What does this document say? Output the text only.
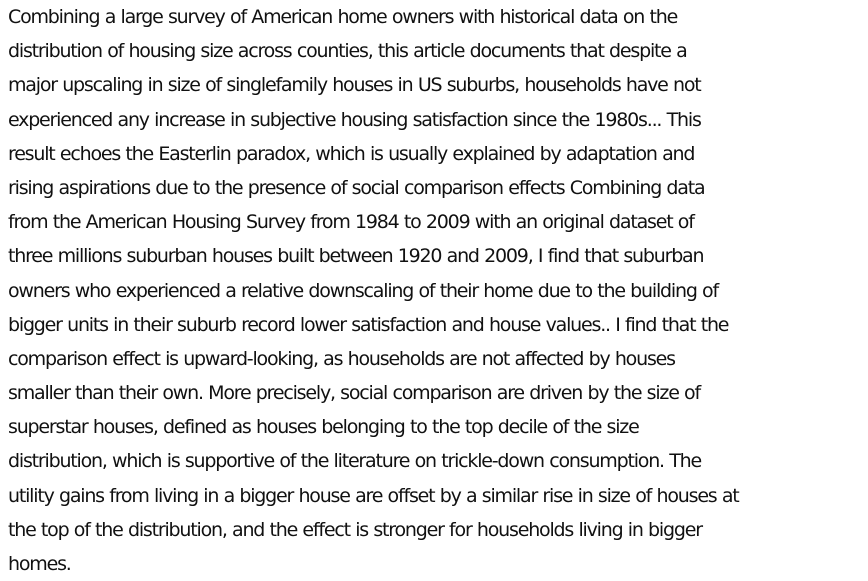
Combining a large survey of American home owners with historical data on the
distribution of housing size across counties, this article documents that despite a
major upscaling in size of singlefamily houses in US suburbs, households have not
experienced any increase in subjective housing satisfaction since the 1980s... This
result echoes the Easterlin paradox, which is usually explained by adaptation and
rising aspirations due to the presence of social comparison effects Combining data
from the American Housing Survey from 1984 to 2009 with an original dataset of
three millions suburban houses built between 1920 and 2009, I find that suburban
owners who experienced a relative downscaling of their home due to the building of
bigger units in their suburb record lower satisfaction and house values.. I find that the
comparison effect is upward-looking, as households are not affected by houses
smaller than their own. More precisely, social comparison are driven by the size of
superstar houses, defined as houses belonging to the top decile of the size
distribution, which is supportive of the literature on trickle-down consumption. The
utility gains from living in a bigger house are offset by a similar rise in size of houses at
the top of the distribution, and the effect is stronger for households living in bigger
homes.
